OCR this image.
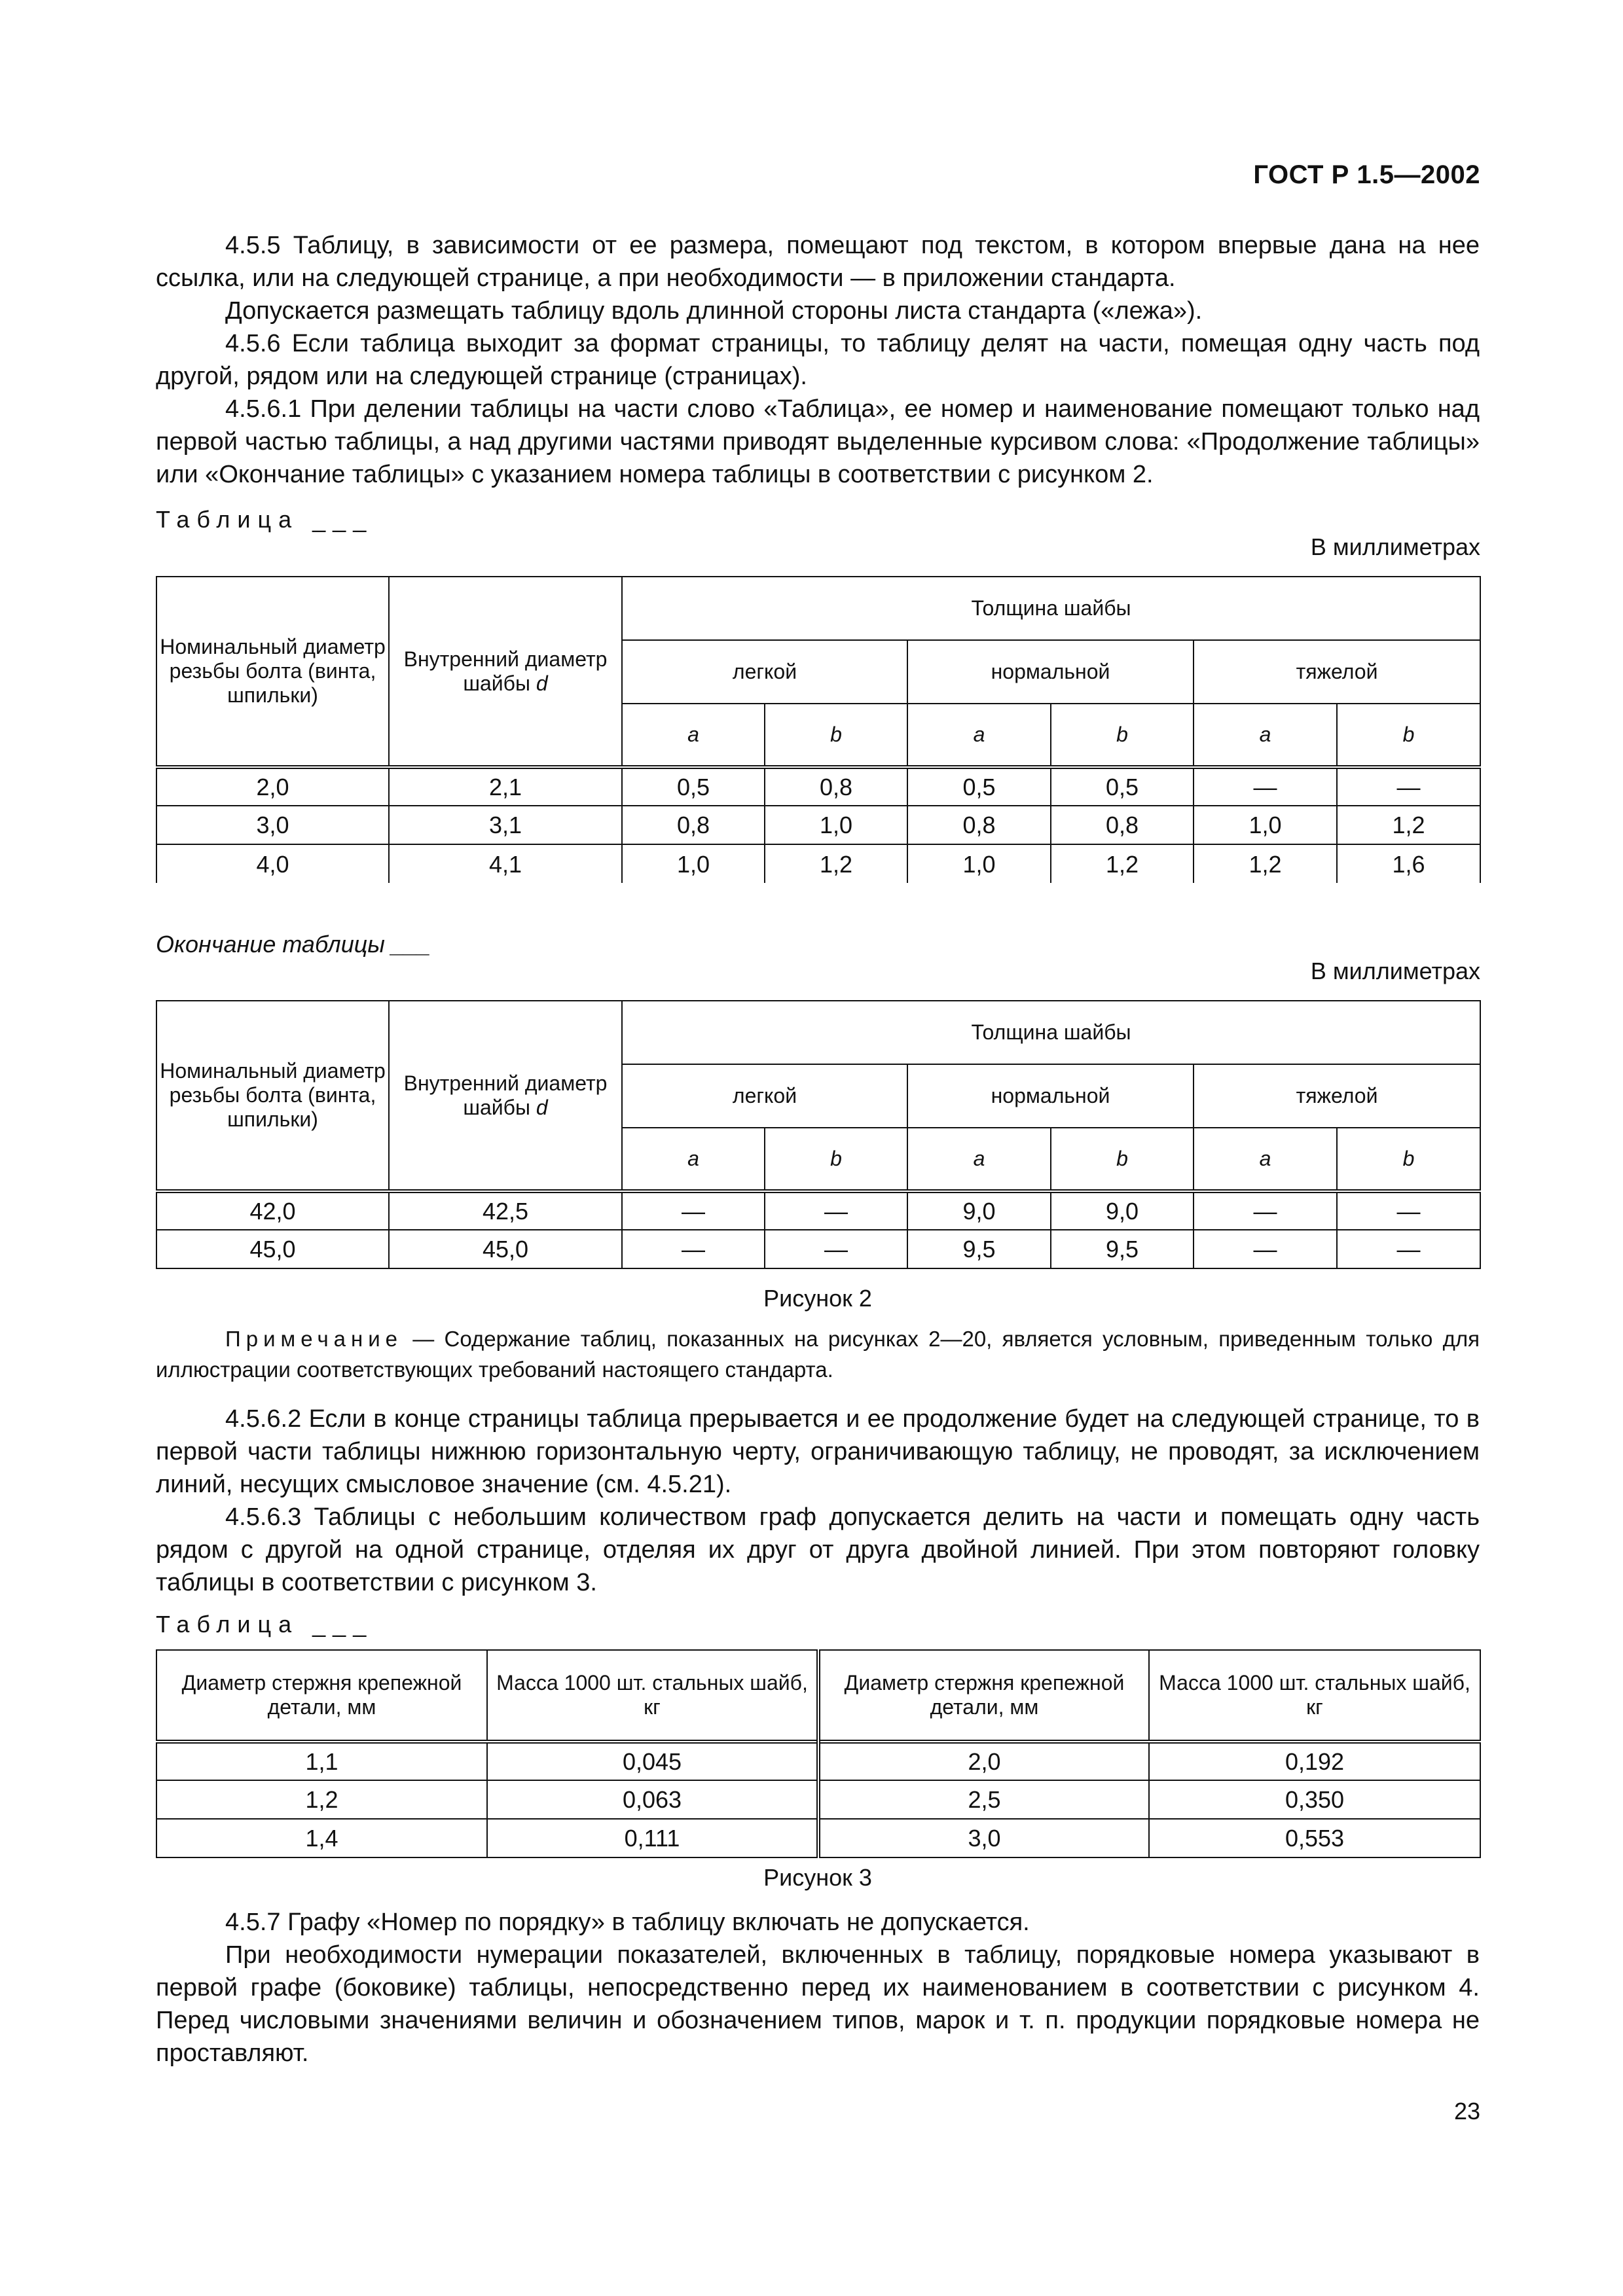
ГОСТ Р 1.5—2002

4.5.5 Таблицу, в зависимости от ее размера, помещают под текстом, в котором впервые дана на нее ссылка, или на следующей странице, а при необходимости — в приложении стандарта.

Допускается размещать таблицу вдоль длинной стороны листа стандарта («лежа»).

4.5.6 Если таблица выходит за формат страницы, то таблицу делят на части, помещая одну часть под другой, рядом или на следующей странице (страницах).

4.5.6.1 При делении таблицы на части слово «Таблица», ее номер и наименование помещают только над первой частью таблицы, а над другими частями приводят выделенные курсивом слова: «Продолжение таблицы» или «Окончание таблицы» с указанием номера таблицы в соответствии с рисунком 2.

Таблица ___
В миллиметрах
Номинальный диаметр резьбы болта (винта, шпильки)	Внутренний диаметр шайбы d	Толщина шайбы					
		легкой		нормальной		тяжелой	
		a	b	a	b	a	b
2,0	2,1	0,5	0,8	0,5	0,5	—	—
3,0	3,1	0,8	1,0	0,8	0,8	1,0	1,2
4,0	4,1	1,0	1,2	1,0	1,2	1,2	1,6
Окончание таблицы ___
В миллиметрах
Номинальный диаметр резьбы болта (винта, шпильки)	Внутренний диаметр шайбы d	Толщина шайбы					
		легкой		нормальной		тяжелой	
		a	b	a	b	a	b
42,0	42,5	—	—	9,0	9,0	—	—
45,0	45,0	—	—	9,5	9,5	—	—
Рисунок 2

Примечание — Содержание таблиц, показанных на рисунках 2—20, является условным, приведенным только для иллюстрации соответствующих требований настоящего стандарта.

4.5.6.2 Если в конце страницы таблица прерывается и ее продолжение будет на следующей странице, то в первой части таблицы нижнюю горизонтальную черту, ограничивающую таблицу, не проводят, за исключением линий, несущих смысловое значение (см. 4.5.21).

4.5.6.3 Таблицы с небольшим количеством граф допускается делить на части и помещать одну часть рядом с другой на одной странице, отделяя их друг от друга двойной линией. При этом повторяют головку таблицы в соответствии с рисунком 3.

Таблица ___
Диаметр стержня крепежной детали, мм	Масса 1000 шт. стальных шайб, кг	Диаметр стержня крепежной детали, мм	Масса 1000 шт. стальных шайб, кг
1,1	0,045	2,0	0,192
1,2	0,063	2,5	0,350
1,4	0,111	3,0	0,553
Рисунок 3

4.5.7 Графу «Номер по порядку» в таблицу включать не допускается.

При необходимости нумерации показателей, включенных в таблицу, порядковые номера указывают в первой графе (боковике) таблицы, непосредственно перед их наименованием в соответствии с рисунком 4. Перед числовыми значениями величин и обозначением типов, марок и т. п. продукции порядковые номера не проставляют.

23
